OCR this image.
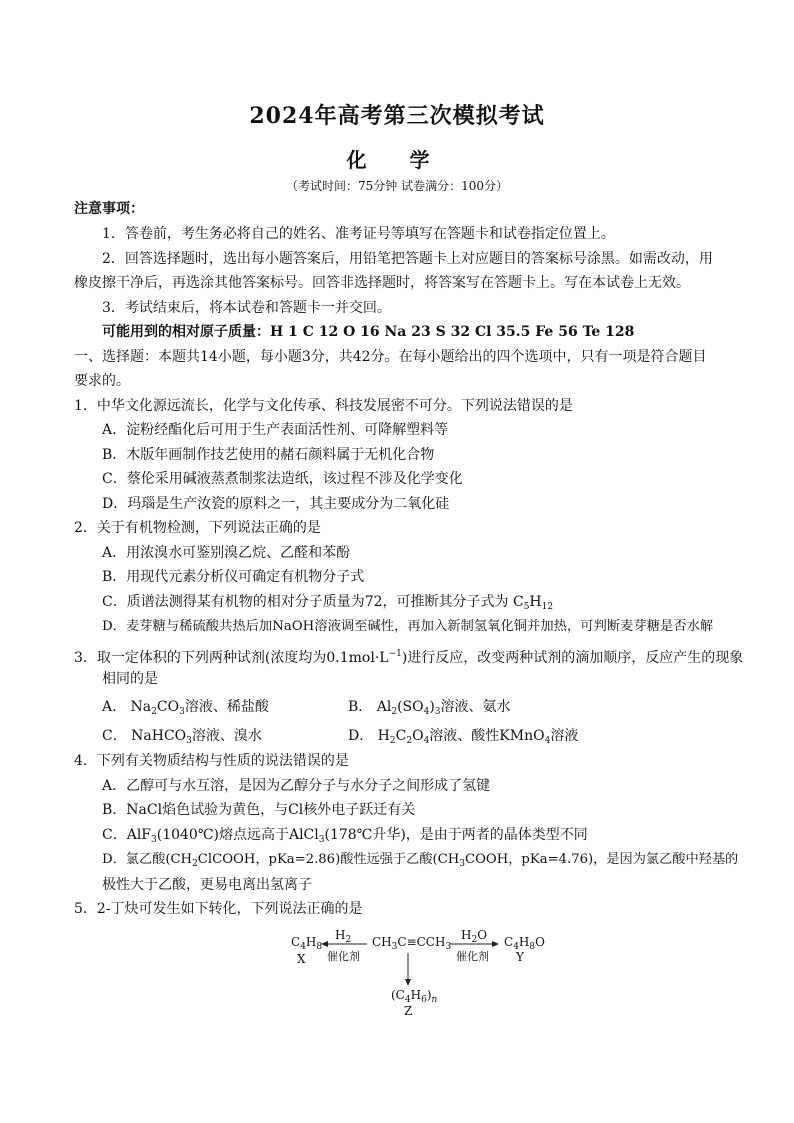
2024年高考第三次模拟考试
化 学
（考试时间：75分钟 试卷满分：100分）
注意事项：
1．答卷前，考生务必将自己的姓名、准考证号等填写在答题卡和试卷指定位置上。
2．回答选择题时，选出每小题答案后，用铅笔把答题卡上对应题目的答案标号涂黑。如需改动，用
橡皮擦干净后，再选涂其他答案标号。回答非选择题时，将答案写在答题卡上。写在本试卷上无效。
3．考试结束后，将本试卷和答题卡一并交回。
可能用到的相对原子质量：H 1 C 12 O 16 Na 23 S 32 Cl 35.5 Fe 56 Te 128
一、选择题：本题共14小题，每小题3分，共42分。在每小题给出的四个选项中，只有一项是符合题目
要求的。
1．中华文化源远流长，化学与文化传承、科技发展密不可分。下列说法错误的是
A．淀粉经酯化后可用于生产表面活性剂、可降解塑料等
B．木版年画制作技艺使用的赭石颜料属于无机化合物
C．蔡伦采用碱液蒸煮制浆法造纸，该过程不涉及化学变化
D．玛瑙是生产汝瓷的原料之一，其主要成分为二氧化硅
2．关于有机物检测，下列说法正确的是
A．用浓溴水可鉴别溴乙烷、乙醛和苯酚
B．用现代元素分析仪可确定有机物分子式
C．质谱法测得某有机物的相对分子质量为72，可推断其分子式为 $C_5H_{12}$
D．麦芽糖与稀硫酸共热后加NaOH溶液调至碱性，再加入新制氢氧化铜并加热，可判断麦芽糖是否水解
3．取一定体积的下列两种试剂(浓度均为$0.1mol\cdot L^{-1}$)进行反应，改变两种试剂的滴加顺序，反应产生的现象
相同的是
A． $Na_2CO_3$溶液、稀盐酸	B． $Al_2(SO_4)_3$溶液、氨水
C． NaHCO$_3$溶液、溴水	D． $H_2C_2O_4$溶液、酸性KMnO$_4$溶液
4．下列有关物质结构与性质的说法错误的是
A．乙醇可与水互溶，是因为乙醇分子与水分子之间形成了氢键
B．NaCl焰色试验为黄色，与Cl核外电子跃迁有关
C．AlF$_3$(1040℃)熔点远高于AlCl$_3$(178℃升华)，是由于两者的晶体类型不同
D．氯乙酸($CH_2ClCOOH$，pKa=2.86)酸性远强于乙酸($CH_3COOH$，pKa=4.76)，是因为氯乙酸中羟基的
极性大于乙酸，更易电离出氢离子
5．2-丁炔可发生如下转化，下列说法正确的是
$C_4H_8$
X
$H_2$
催化剂
$CH_3C\equiv CCH_3$
$H_2O$
催化剂
$C_4H_8O$
Y
$(C_4H_6)_n$
Z
